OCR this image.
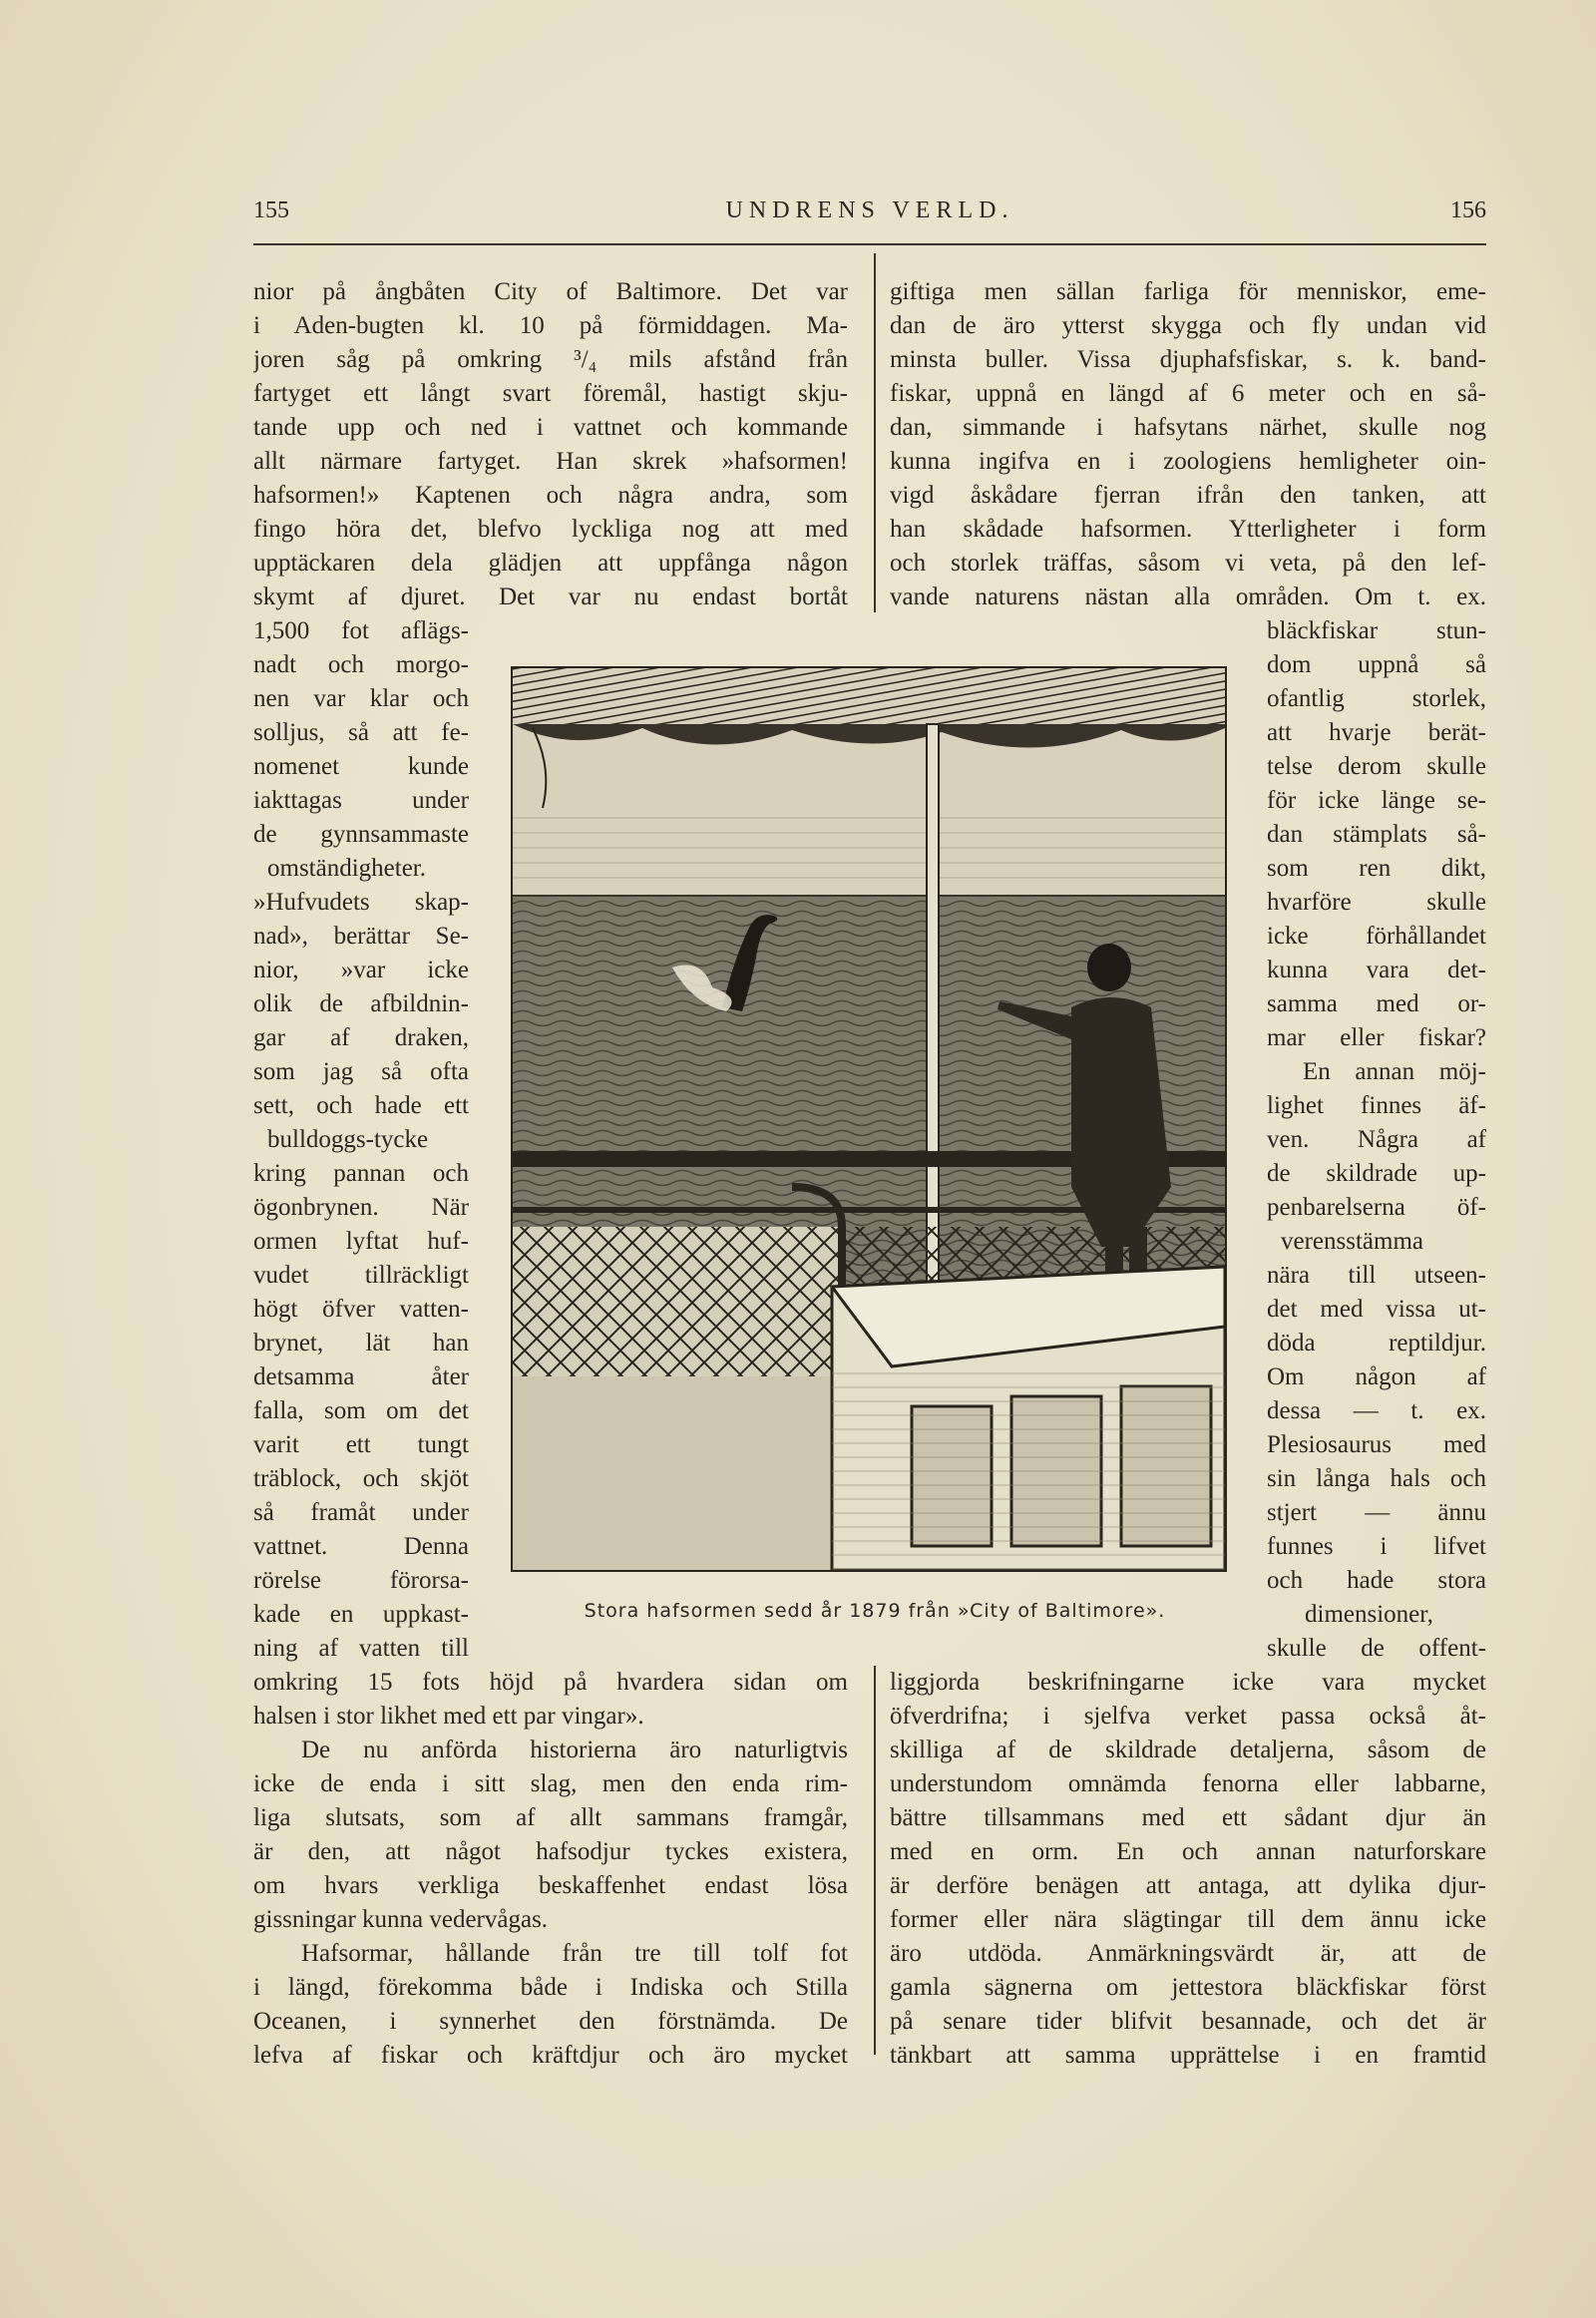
155	UNDRENS VERLD.	156
nior på ångbåten City of Baltimore. Det var
i Aden-bugten kl. 10 på förmiddagen. Ma-
joren såg på omkring ³/₄ mils afstånd från
fartyget ett långt svart föremål, hastigt skju-
tande upp och ned i vattnet och kommande
allt närmare fartyget. Han skrek »hafsormen!
hafsormen!» Kaptenen och några andra, som
fingo höra det, blefvo lyckliga nog att med
upptäckaren dela glädjen att uppfånga någon
skymt af djuret. Det var nu endast bortåt
1,500 fot aflägs-
nadt och morgo-
nen var klar och
solljus, så att fe-
nomenet kunde
iakttagas under
de gynnsammaste
omständigheter.
»Hufvudets skap-
nad», berättar Se-
nior, »var icke
olik de afbildnin-
gar af draken,
som jag så ofta
sett, och hade ett
bulldoggs-tycke
kring pannan och
ögonbrynen. När
ormen lyftat huf-
vudet tillräckligt
högt öfver vatten-
brynet, lät han
detsamma åter
falla, som om det
varit ett tungt
träblock, och skjöt
så framåt under
vattnet. Denna
rörelse förorsa-
kade en uppkast-
ning af vatten till
omkring 15 fots höjd på hvardera sidan om
halsen i stor likhet med ett par vingar».
De nu anförda historierna äro naturligtvis
icke de enda i sitt slag, men den enda rim-
liga slutsats, som af allt sammans framgår,
är den, att något hafsodjur tyckes existera,
om hvars verkliga beskaffenhet endast lösa
gissningar kunna vedervågas.
Hafsormar, hållande från tre till tolf fot
i längd, förekomma både i Indiska och Stilla
Oceanen, i synnerhet den förstnämda. De
lefva af fiskar och kräftdjur och äro mycket
giftiga men sällan farliga för menniskor, eme-
dan de äro ytterst skygga och fly undan vid
minsta buller. Vissa djuphafsfiskar, s. k. band-
fiskar, uppnå en längd af 6 meter och en så-
dan, simmande i hafsytans närhet, skulle nog
kunna ingifva en i zoologiens hemligheter oin-
vigd åskådare fjerran ifrån den tanken, att
han skådade hafsormen. Ytterligheter i form
och storlek träffas, såsom vi veta, på den lef-
vande naturens nästan alla områden. Om t. ex.
bläckfiskar stun-
dom uppnå så
ofantlig storlek,
att hvarje berät-
telse derom skulle
för icke länge se-
dan stämplats så-
som ren dikt,
hvarföre skulle
icke förhållandet
kunna vara det-
samma med or-
mar eller fiskar?
En annan möj-
lighet finnes äf-
ven. Några af
de skildrade up-
penbarelserna öf-
verensstämma
nära till utseen-
det med vissa ut-
döda reptildjur.
Om någon af
dessa — t. ex.
Plesiosaurus med
sin långa hals och
stjert — ännu
funnes i lifvet
och hade stora
dimensioner,
skulle de offent-
liggjorda beskrifningarne icke vara mycket
öfverdrifna; i sjelfva verket passa också åt-
skilliga af de skildrade detaljerna, såsom de
understundom omnämda fenorna eller labbarne,
bättre tillsammans med ett sådant djur än
med en orm. En och annan naturforskare
är derföre benägen att antaga, att dylika djur-
former eller nära slägtingar till dem ännu icke
äro utdöda. Anmärkningsvärdt är, att de
gamla sägnerna om jettestora bläckfiskar först
på senare tider blifvit besannade, och det är
tänkbart att samma upprättelse i en framtid
Stora hafsormen sedd år 1879 från »City of Baltimore».
